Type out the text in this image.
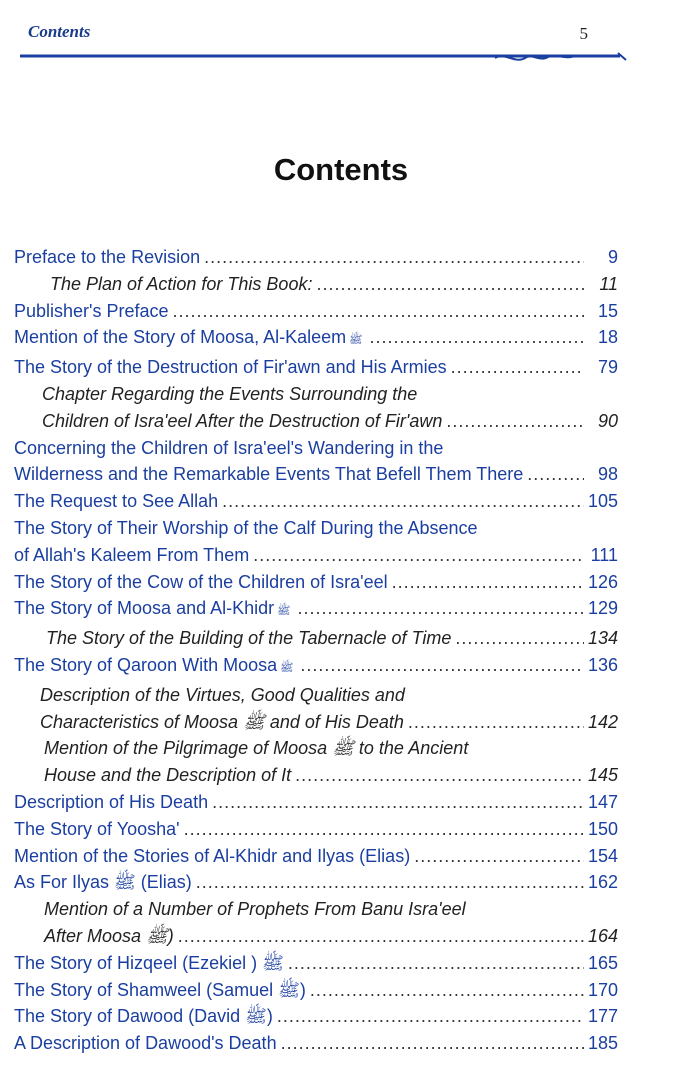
Contents	5
Contents
Preface to the Revision .....	9
The Plan of Action for This Book: .....	11
Publisher's Preface .....	15
Mention of the Story of Moosa, Al-Kaleem ﷺ .....	18
The Story of the Destruction of Fir'awn and His Armies .....	79
Chapter Regarding the Events Surrounding the
Children of Isra'eel After the Destruction of Fir'awn .....	90
Concerning the Children of Isra'eel's Wandering in the
Wilderness and the Remarkable Events That Befell Them There .....	98
The Request to See Allah .....	105
The Story of Their Worship of the Calf During the Absence
of Allah's Kaleem From Them .....	111
The Story of the Cow of the Children of Isra'eel .....	126
The Story of Moosa and Al-Khidr ﷺ .....	129
The Story of the Building of the Tabernacle of Time .....	134
The Story of Qaroon With Moosa ﷺ .....	136
Description of the Virtues, Good Qualities and
Characteristics of Moosa ﷺ and of His Death .....	142
Mention of the Pilgrimage of Moosa ﷺ to the Ancient
House and the Description of It .....	145
Description of His Death .....	147
The Story of Yoosha' .....	150
Mention of the Stories of Al-Khidr and Ilyas (Elias) .....	154
As For Ilyas ﷺ (Elias) .....	162
Mention of a Number of Prophets From Banu Isra'eel
After Moosa ﷺ) .....	164
The Story of Hizqeel (Ezekiel ) ﷺ .....	165
The Story of Shamweel (Samuel ﷺ) .....	170
The Story of Dawood (David ﷺ) .....	177
A Description of Dawood's Death .....	185
